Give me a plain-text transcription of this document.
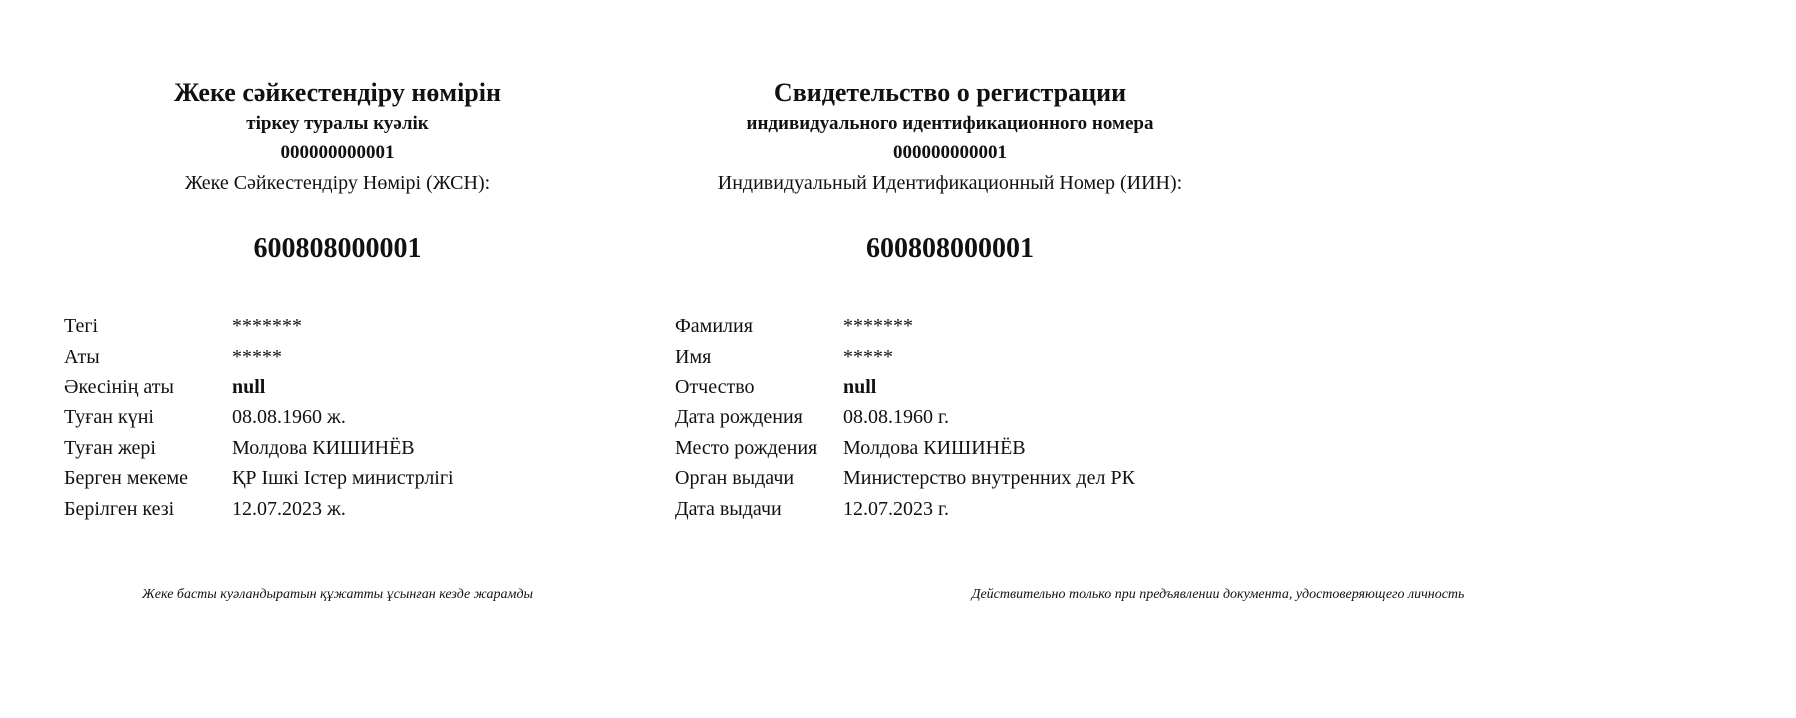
Жеке сәйкестендіру нөмірін
тіркеу туралы куәлік
000000000001
Жеке Сәйкестендіру Нөмірі (ЖСН):
600808000001
Тегі	*******
Аты	*****
Әкесінің аты	null
Туған күні	08.08.1960 ж.
Туған жері	Молдова КИШИНЁВ
Берген мекеме	ҚР Ішкі Істер министрлігі
Берілген кезі	12.07.2023 ж.
Жеке басты куәландыратын құжатты ұсынған кезде жарамды
Свидетельство о регистрации
индивидуального идентификационного номера
000000000001
Индивидуальный Идентификационный Номер (ИИН):
600808000001
Фамилия	*******
Имя	*****
Отчество	null
Дата рождения	08.08.1960 г.
Место рождения	Молдова КИШИНЁВ
Орган выдачи	Министерство внутренних дел РК
Дата выдачи	12.07.2023 г.
Действительно только при предъявлении документа, удостоверяющего личность
